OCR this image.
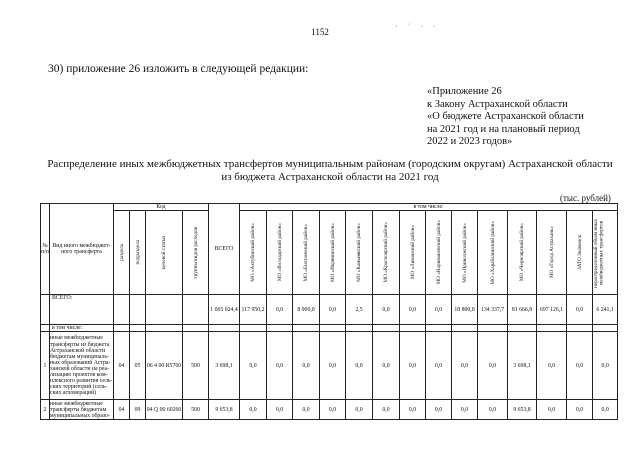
1152
· ˙ · ·
30) приложение 26 изложить в следующей редакции:
«Приложение 26
к Закону Астраханской области
«О бюджете Астраханской области
на 2021 год и на плановый период
2022 и 2023 годов»
Распределение иных межбюджетных трансфертов муниципальным районам (городским округам) Астраханской области
из бюджета Астраханской области на 2021 год
(тыс. рублей)
№ п/п	Вид иного межбюджет-ного трансферта	Код				ВСЕГО	в том числе:													

		раздела	подраздела	целевой статьи	группы видов расходов		МО «Ахтубинский район»	МО «Володарский район»	МО «Енотаевский район»	МО «Икрянинский район»	МО «Камызякский район»	МО «Красноярский район»	МО «Лиманский район»	МО «Наримановский район»	МО «Приволжский район»	МО «Харабалинский район»	МО «Черноярский район»	МО «Город Астрахань»	ЗАТО Знаменск	нераспределенный объем иных межбюджетных трансфертов

	ВСЕГО:					1 065 024,4	117 950,2	0,0	8 900,0	0,0	2,5	0,0	0,0	0,0	18 800,0	134 337,7	81 666,8	697 126,1	0,0	6 241,1
	в том числе:																			
1	иные межбюджетные трансферты из бюджета Астраханской области бюджетам муниципаль-ных образований Астра-ханской области на реа-лизацию проектов ком-плексного развития сель-ских территорий (сель-ских агломераций)	04	05	06 4 00 R5760	500	3 698,1	0,0	0,0	0,0	0,0	0,0	0,0	0,0	0,0	0,0	0,0	3 698,1	0,0	0,0	0,0
2	иные межбюджетные трансферты бюджетам муниципальных образо-	04	09	04 Q 00 60260	500	9 653,8	0,0	0,0	0,0	0,0	0,0	0,0	0,0	0,0	0,0	0,0	9 653,8	0,0	0,0	0,0
